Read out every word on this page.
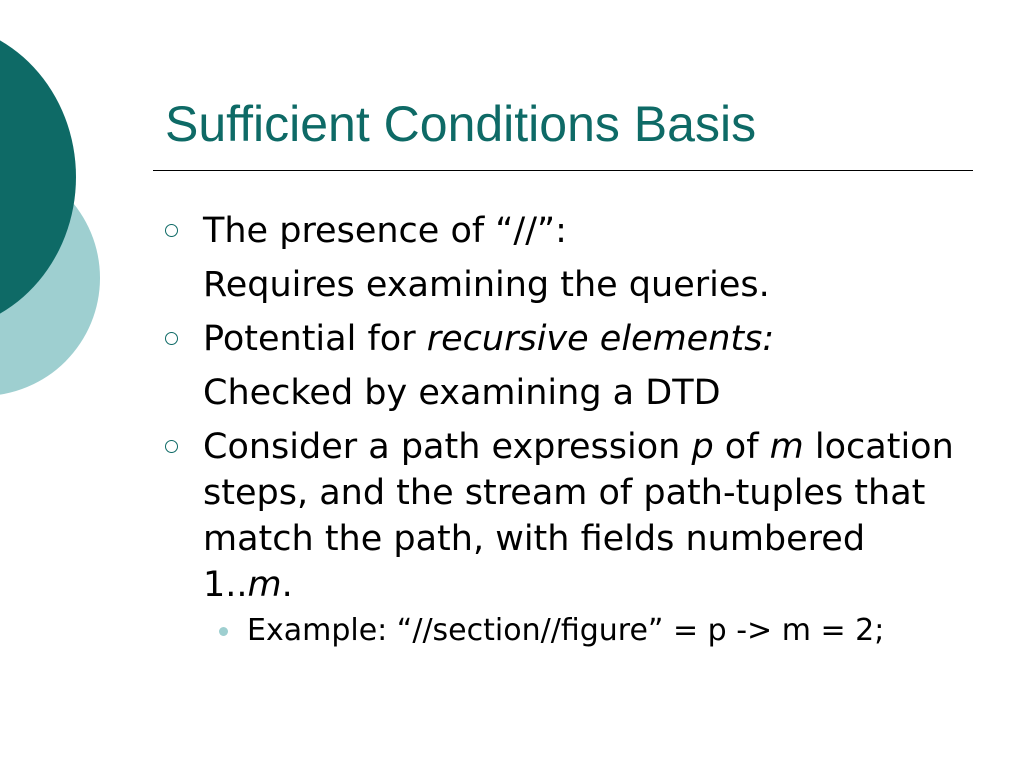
Sufficient Conditions Basis
The presence of “//”:
Requires examining the queries.
Potential for recursive elements:
Checked by examining a DTD
Consider a path expression p of m location steps, and the stream of path-tuples that match the path, with fields numbered 1..m.
Example: “//section//figure” = p -> m = 2;
